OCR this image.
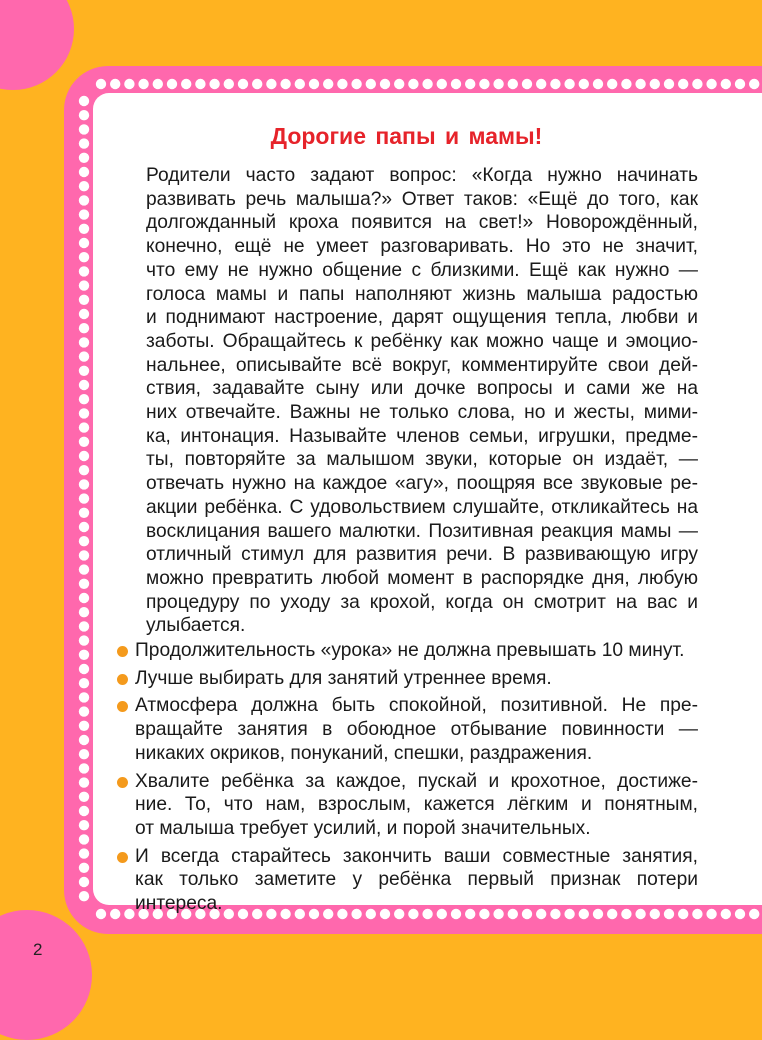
2
Дорогие папы и мамы!

Родители часто задают вопрос: «Когда нужно начинать
развивать речь малыша?» Ответ таков: «Ещё до того, как
долгожданный кроха появится на свет!» Новорождённый,
конечно, ещё не умеет разговаривать. Но это не значит,
что ему не нужно общение с близкими. Ещё как нужно —
голоса мамы и папы наполняют жизнь малыша радостью
и поднимают настроение, дарят ощущения тепла, любви и
заботы. Обращайтесь к ребёнку как можно чаще и эмоцио-
нальнее, описывайте всё вокруг, комментируйте свои дей-
ствия, задавайте сыну или дочке вопросы и сами же на
них отвечайте. Важны не только слова, но и жесты, мими-
ка, интонация. Называйте членов семьи, игрушки, предме-
ты, повторяйте за малышом звуки, которые он издаёт, —
отвечать нужно на каждое «агу», поощряя все звуковые ре-
акции ребёнка. С удовольствием слушайте, откликайтесь на
восклицания вашего малютки. Позитивная реакция мамы —
отличный стимул для развития речи. В развивающую игру
можно превратить любой момент в распорядке дня, любую
процедуру по уходу за крохой, когда он смотрит на вас и
улыбается.

Продолжительность «урока» не должна превышать 10 минут.
Лучше выбирать для занятий утреннее время.
Атмосфера должна быть спокойной, позитивной. Не пре-
вращайте занятия в обоюдное отбывание повинности —
никаких окриков, понуканий, спешки, раздражения.
Хвалите ребёнка за каждое, пускай и крохотное, достиже-
ние. То, что нам, взрослым, кажется лёгким и понятным,
от малыша требует усилий, и порой значительных.
И всегда старайтесь закончить ваши совместные занятия,
как только заметите у ребёнка первый признак потери
интереса.
